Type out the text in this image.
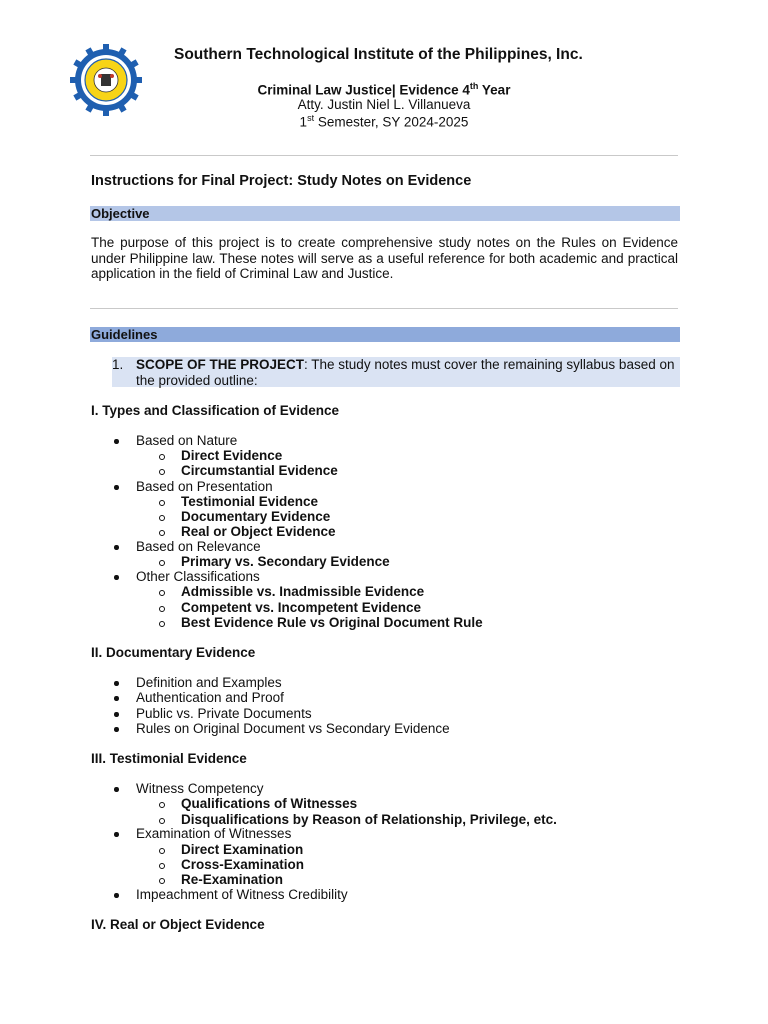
Southern Technological Institute of the Philippines, Inc.
Criminal Law Justice| Evidence 4th Year
Atty. Justin Niel L. Villanueva
1st Semester, SY 2024-2025
Instructions for Final Project: Study Notes on Evidence
Objective
The purpose of this project is to create comprehensive study notes on the Rules on Evidence under Philippine law. These notes will serve as a useful reference for both academic and practical application in the field of Criminal Law and Justice.
Guidelines
1. SCOPE OF THE PROJECT: The study notes must cover the remaining syllabus based on the provided outline:
I. Types and Classification of Evidence
Based on Nature
Direct Evidence
Circumstantial Evidence
Based on Presentation
Testimonial Evidence
Documentary Evidence
Real or Object Evidence
Based on Relevance
Primary vs. Secondary Evidence
Other Classifications
Admissible vs. Inadmissible Evidence
Competent vs. Incompetent Evidence
Best Evidence Rule vs Original Document Rule
II. Documentary Evidence
Definition and Examples
Authentication and Proof
Public vs. Private Documents
Rules on Original Document vs Secondary Evidence
III. Testimonial Evidence
Witness Competency
Qualifications of Witnesses
Disqualifications by Reason of Relationship, Privilege, etc.
Examination of Witnesses
Direct Examination
Cross-Examination
Re-Examination
Impeachment of Witness Credibility
IV. Real or Object Evidence
